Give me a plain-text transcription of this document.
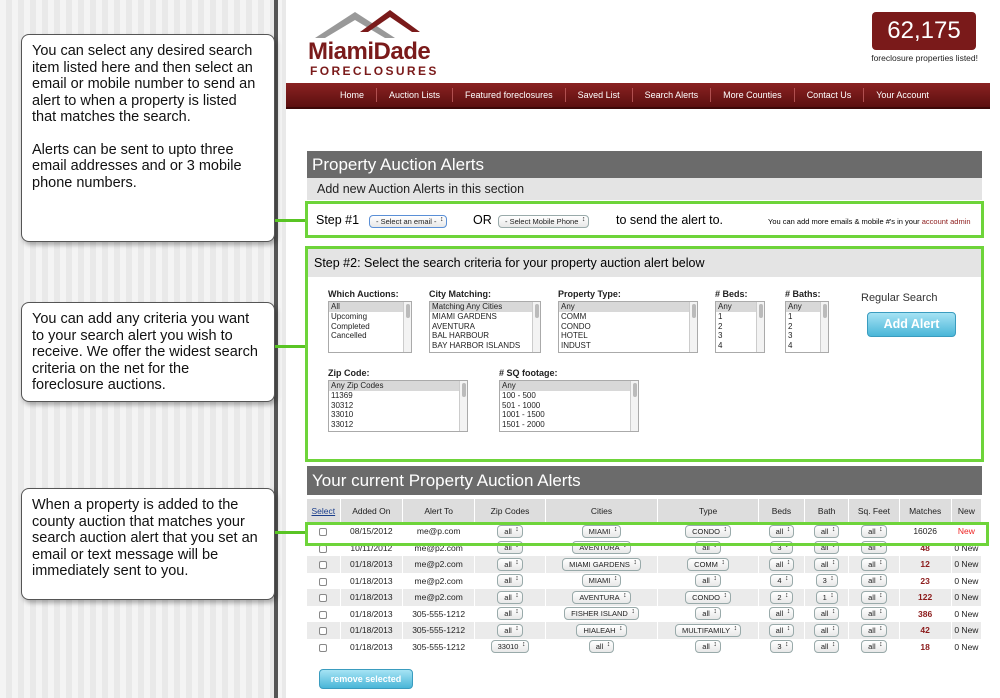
You can select any desired search item listed here and then select an email or mobile number to send an alert to when a property is listed that matches the search.

Alerts can be sent to upto three email addresses and or 3 mobile phone numbers.

You can add any criteria you want to your search alert you wish to receive. We offer the widest search criteria on the net for the foreclosure auctions.

When a property is added to the county auction that matches your search auction alert that you set an email or text message will be immediately sent to you.

MiamiDade
FORECLOSURES
62,175
foreclosure properties listed!
Home	Auction Lists	Featured foreclosures	Saved List	Search Alerts	More Counties	Contact Us	Your Account
Property Auction Alerts
Add new Auction Alerts in this section
Step #1	- Select an email - ↕	OR	- Select Mobile Phone ↕	to send the alert to.	You can add more emails & mobile #'s in your account admin
Step #2: Select the search criteria for your property auction alert below
Which Auctions:
All
Upcoming
Completed
Cancelled
City Matching:
Matching Any Cities
MIAMI GARDENS
AVENTURA
BAL HARBOUR
BAY HARBOR ISLANDS
Property Type:
Any
COMM
CONDO
HOTEL
INDUST
# Beds:
Any
1
2
3
4
# Baths:
Any
1
2
3
4
Regular Search
Add Alert
Zip Code:
Any Zip Codes
11369
30312
33010
33012
# SQ footage:
Any
100 - 500
501 - 1000
1001 - 1500
1501 - 2000
Your current Property Auction Alerts
Select	Added On	Alert To	Zip Codes	Cities	Type	Beds	Bath	Sq. Feet	Matches	New
	08/15/2012	me@p.com	all ↕	MIAMI ↕	CONDO ↕	all ↕	all ↕	all ↕	16026	New
	10/11/2012	me@p2.com	all ↕	AVENTURA ↕	all ↕	3 ↕	all ↕	all ↕	48	0 New
	01/18/2013	me@p2.com	all ↕	MIAMI GARDENS ↕	COMM ↕	all ↕	all ↕	all ↕	12	0 New
	01/18/2013	me@p2.com	all ↕	MIAMI ↕	all ↕	4 ↕	3 ↕	all ↕	23	0 New
	01/18/2013	me@p2.com	all ↕	AVENTURA ↕	CONDO ↕	2 ↕	1 ↕	all ↕	122	0 New
	01/18/2013	305-555-1212	all ↕	FISHER ISLAND ↕	all ↕	all ↕	all ↕	all ↕	386	0 New
	01/18/2013	305-555-1212	all ↕	HIALEAH ↕	MULTIFAMILY ↕	all ↕	all ↕	all ↕	42	0 New
	01/18/2013	305-555-1212	33010 ↕	all ↕	all ↕	3 ↕	all ↕	all ↕	18	0 New
remove selected
